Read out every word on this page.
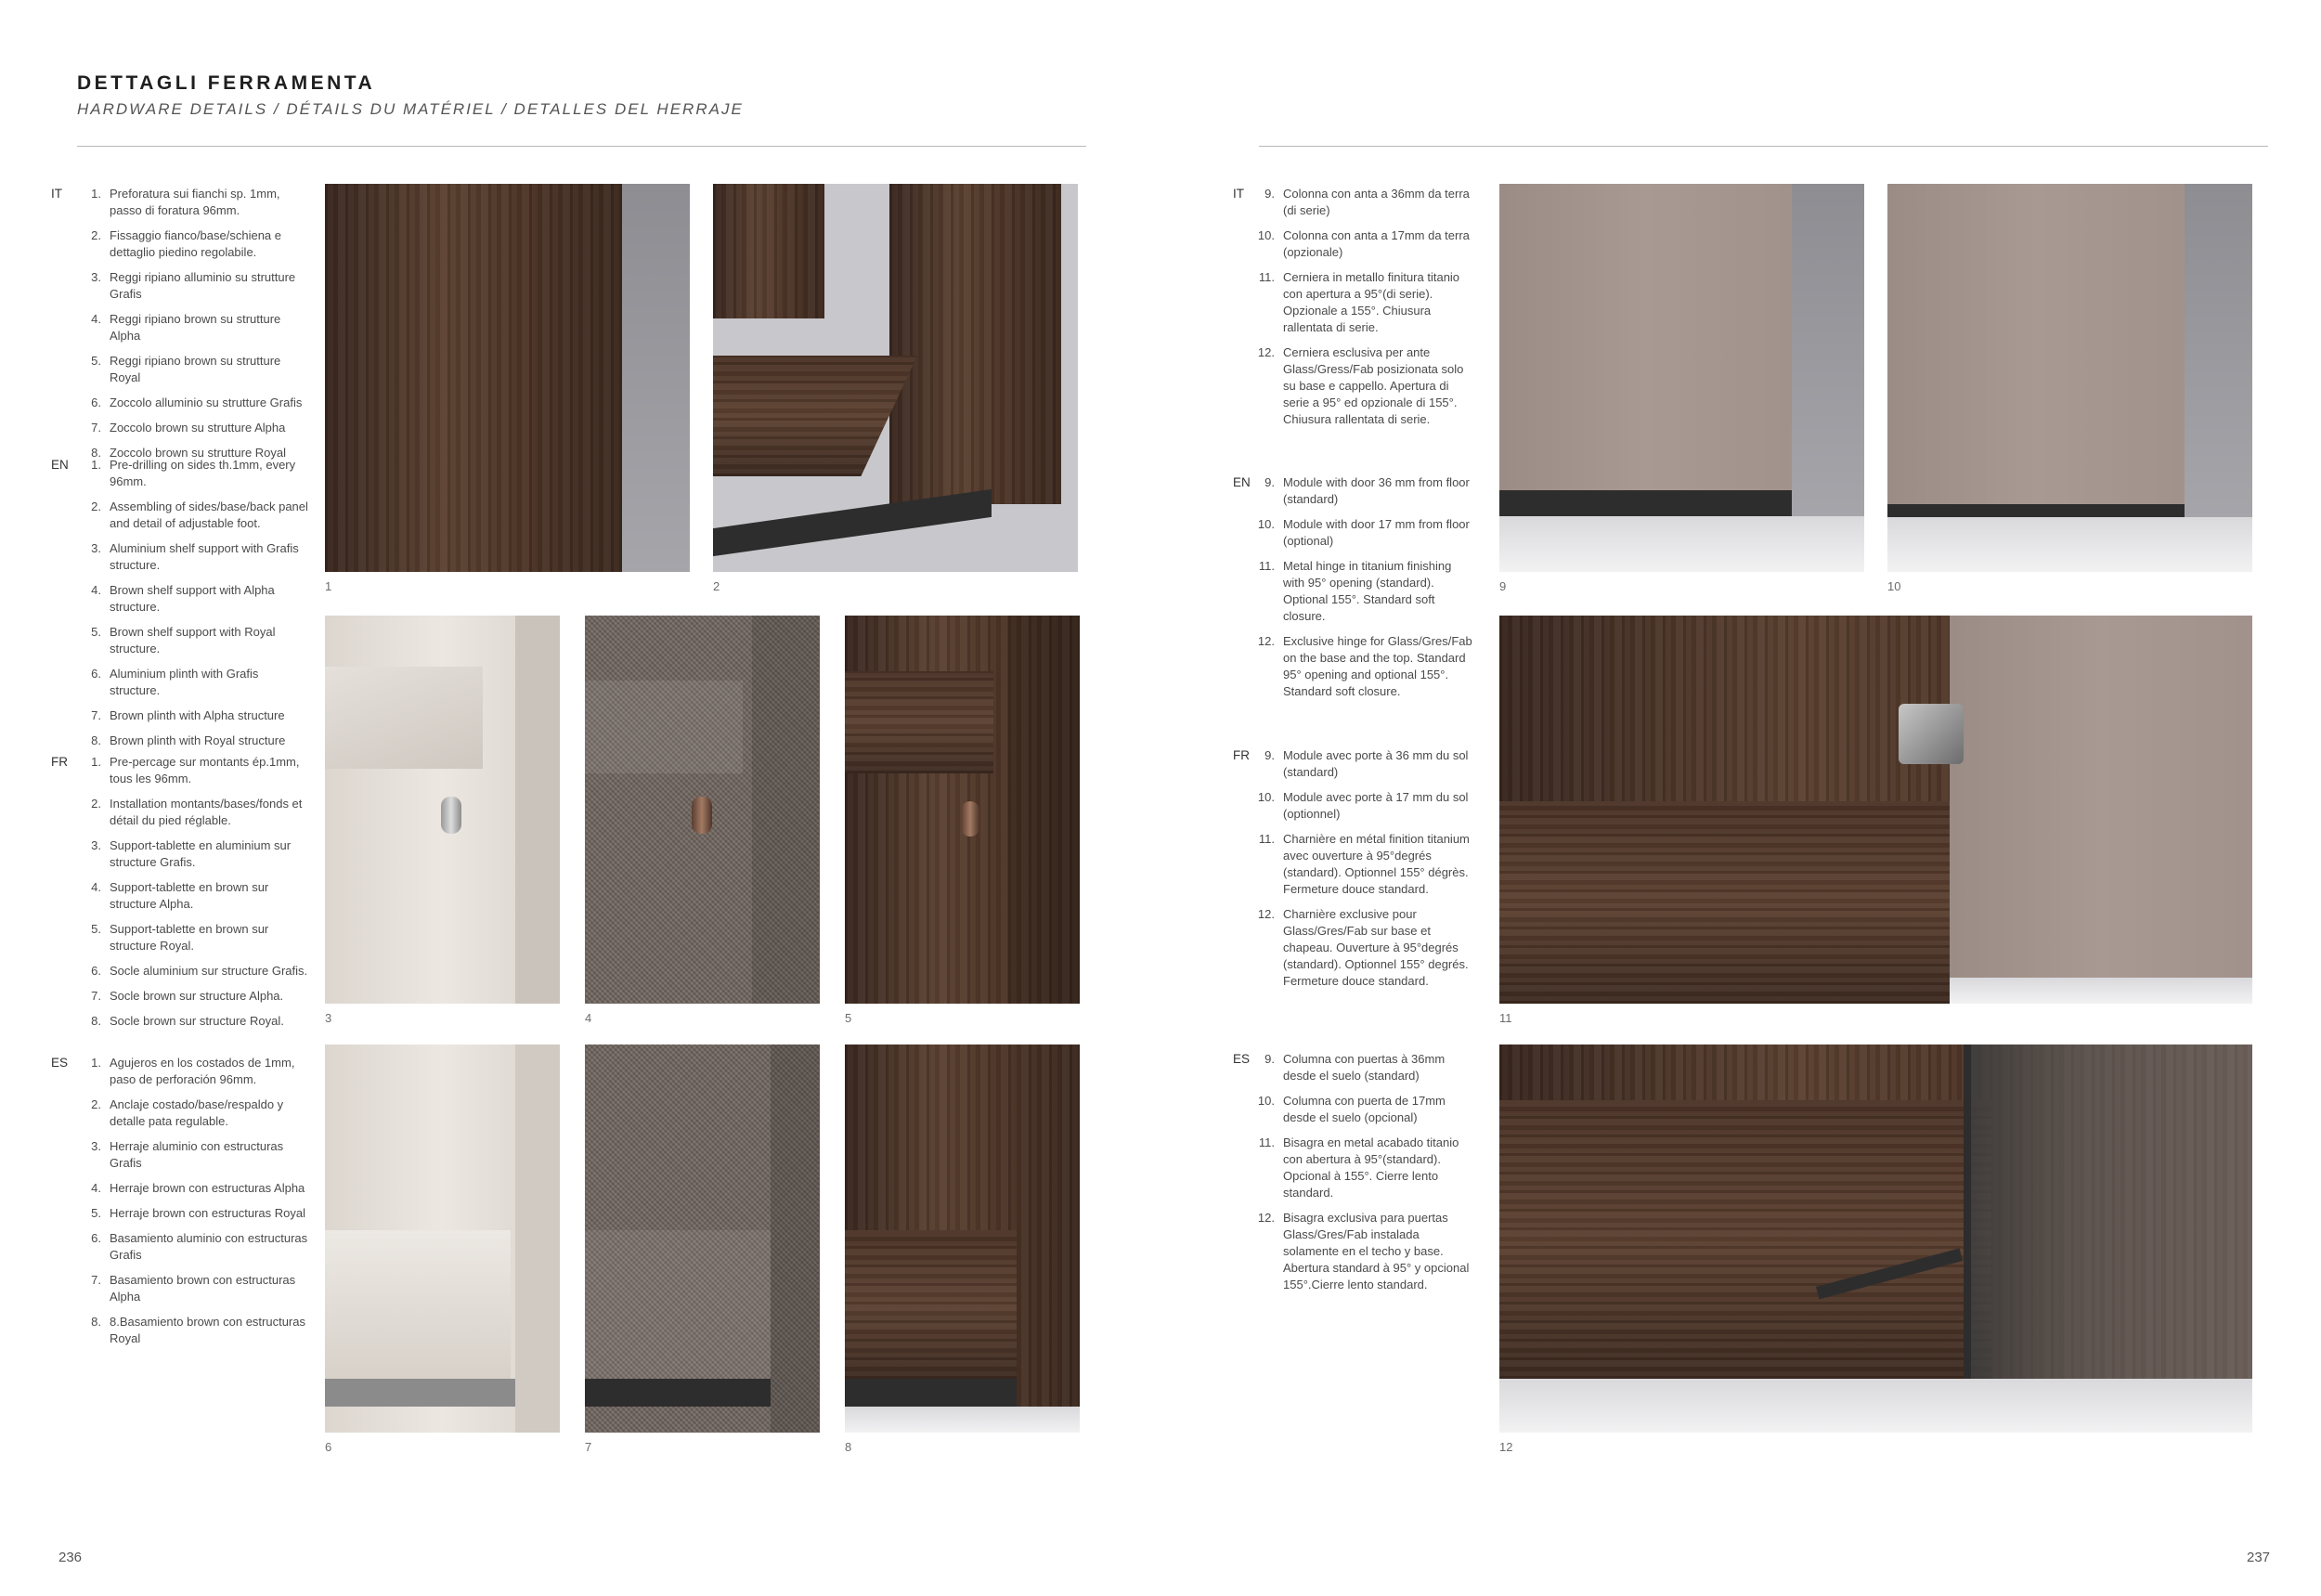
DETTAGLI FERRAMENTA
HARDWARE DETAILS / DÉTAILS DU MATÉRIEL / DETALLES DEL HERRAJE
IT	1. Preforatura sui fianchi sp. 1mm, passo di foratura 96mm.
2. Fissaggio fianco/base/schiena e dettaglio piedino regolabile.
3. Reggi ripiano alluminio su strutture Grafis
4. Reggi ripiano brown su strutture Alpha
5. Reggi ripiano brown su strutture Royal
6. Zoccolo alluminio su strutture Grafis
7. Zoccolo brown su strutture Alpha
8. Zoccolo brown su strutture Royal
EN	1. Pre-drilling on sides th.1mm, every 96mm.
2. Assembling of sides/base/back panel and detail of adjustable foot.
3. Aluminium shelf support with Grafis structure.
4. Brown shelf support with Alpha structure.
5. Brown shelf support with Royal structure.
6. Aluminium plinth with Grafis structure.
7. Brown plinth with Alpha structure
8. Brown plinth with Royal structure
FR	1. Pre-percage sur montants ép.1mm, tous les 96mm.
2. Installation montants/bases/fonds et détail du pied réglable.
3. Support-tablette en aluminium sur structure Grafis.
4. Support-tablette en brown sur structure Alpha.
5. Support-tablette en brown sur structure Royal.
6. Socle aluminium sur structure Grafis.
7. Socle brown sur structure Alpha.
8. Socle brown sur structure Royal.
ES	1. Agujeros en los costados de 1mm, paso de perforación 96mm.
2. Anclaje costado/base/respaldo y detalle pata regulable.
3. Herraje aluminio con estructuras Grafis
4. Herraje brown con estructuras Alpha
5. Herraje brown con estructuras Royal
6. Basamiento aluminio con estructuras Grafis
7. Basamiento brown con estructuras Alpha
8. 8.Basamiento brown con estructuras Royal
IT	9. Colonna con anta a 36mm da terra (di serie)
10. Colonna con anta a 17mm da terra (opzionale)
11. Cerniera in metallo finitura titanio con apertura a 95°(di serie). Opzionale a 155°. Chiusura rallentata di serie.
12. Cerniera esclusiva per ante Glass/Gress/Fab posizionata solo su base e cappello. Apertura di serie a 95° ed opzionale di 155°. Chiusura rallentata di serie.
EN	9. Module with door 36 mm from floor (standard)
10. Module with door 17 mm from floor (optional)
11. Metal hinge in titanium finishing with 95° opening (standard). Optional 155°. Standard soft closure.
12. Exclusive hinge for Glass/Gres/Fab on the base and the top. Standard 95° opening and optional 155°. Standard soft closure.
FR	9. Module avec porte à 36 mm du sol (standard)
10. Module avec porte à 17 mm du sol (optionnel)
11. Charnière en métal finition titanium avec ouverture à 95°degrés (standard). Optionnel 155° dégrès. Fermeture douce standard.
12. Charnière exclusive pour Glass/Gres/Fab sur base et chapeau. Ouverture à 95°degrés (standard). Optionnel 155° degrés. Fermeture douce standard.
ES	9. Columna con puertas à 36mm desde el suelo (standard)
10. Columna con puerta de 17mm desde el suelo (opcional)
11. Bisagra en metal acabado titanio con abertura à 95°(standard). Opcional à 155°. Cierre lento standard.
12. Bisagra exclusiva para puertas Glass/Gres/Fab instalada solamente en el techo y base. Abertura standard à 95° y opcional 155°.Cierre lento standard.
1	2
3	4	5
6	7	8
9	10
11
12
236	237
